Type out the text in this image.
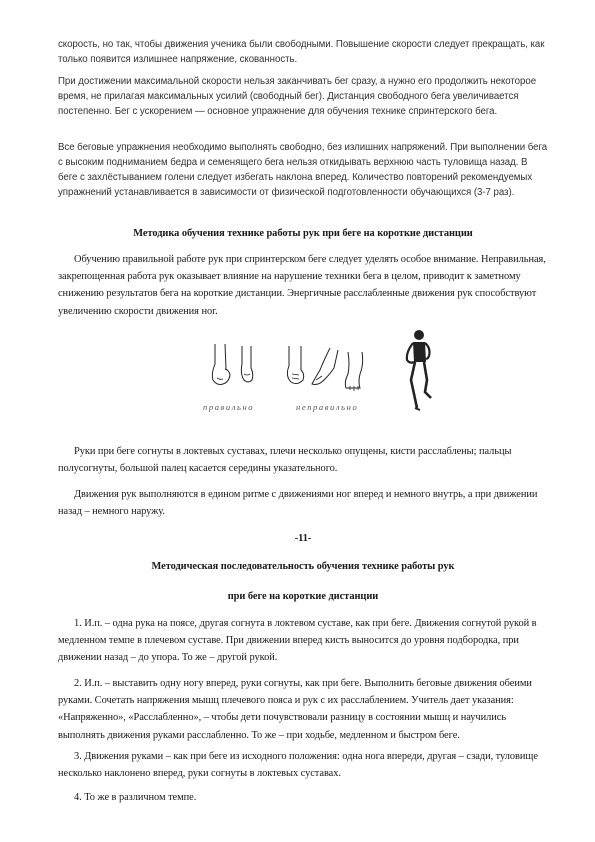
скорость, но так, чтобы движения ученика были свободными. Повышение скорости следует прекращать, как только появится излишнее напряжение, скованность.

При достижении максимальной скорости нельзя заканчивать бег сразу, а нужно его продолжить некоторое время, не прилагая максимальных усилий (свободный бег). Дистанция свободного бега увеличивается постепенно. Бег с ускорением — основное упражнение для обучения технике спринтерского бега.

Все беговые упражнения необходимо выполнять свободно, без излишних напряжений. При выполнении бега с высоким подниманием бедра и семенящего бега нельзя откидывать верхнюю часть туловища назад. В беге с захлёстыванием голени следует избегать наклона вперед. Количество повторений рекомендуемых упражнений устанавливается в зависимости от физической подготовленности обучающихся (3-7 раз).

Методика обучения технике работы рук при беге на короткие дистанции

Обучению правильной работе рук при спринтерском беге следует уделять особое внимание. Неправильная, закрепощенная работа рук оказывает влияние на нарушение техники бега в целом, приводит к заметному снижению результатов бега на короткие дистанции. Энергичные расслабленные движения рук способствуют увеличению скорости движения ног.

правильно	неправильно

Руки при беге согнуты в локтевых суставах, плечи несколько опущены, кисти расслаблены; пальцы полусогнуты, большой палец касается середины указательного.

Движения рук выполняются в едином ритме с движениями ног вперед и немного внутрь, а при движении назад – немного наружу.

-11-

Методическая последовательность обучения технике работы рук

при беге на короткие дистанции

1. И.п. – одна рука на поясе, другая согнута в локтевом суставе, как при беге. Движения согнутой рукой в медленном темпе в плечевом суставе. При движении вперед кисть выносится до уровня подбородка, при движении назад – до упора. То же – другой рукой.

2. И.п. – выставить одну ногу вперед, руки согнуты, как при беге. Выполнить беговые движения обеими руками. Сочетать напряжения мышц плечевого пояса и рук с их расслаблением. Учитель дает указания: «Напряженно», «Расслабленно», – чтобы дети почувствовали разницу в состоянии мышц и научились выполнять движения руками расслабленно. То же – при ходьбе, медленном и быстром беге.

3. Движения руками – как при беге из исходного положения: одна нога впереди, другая – сзади, туловище несколько наклонено вперед, руки согнуты в локтевых суставах.

4. То же в различном темпе.
